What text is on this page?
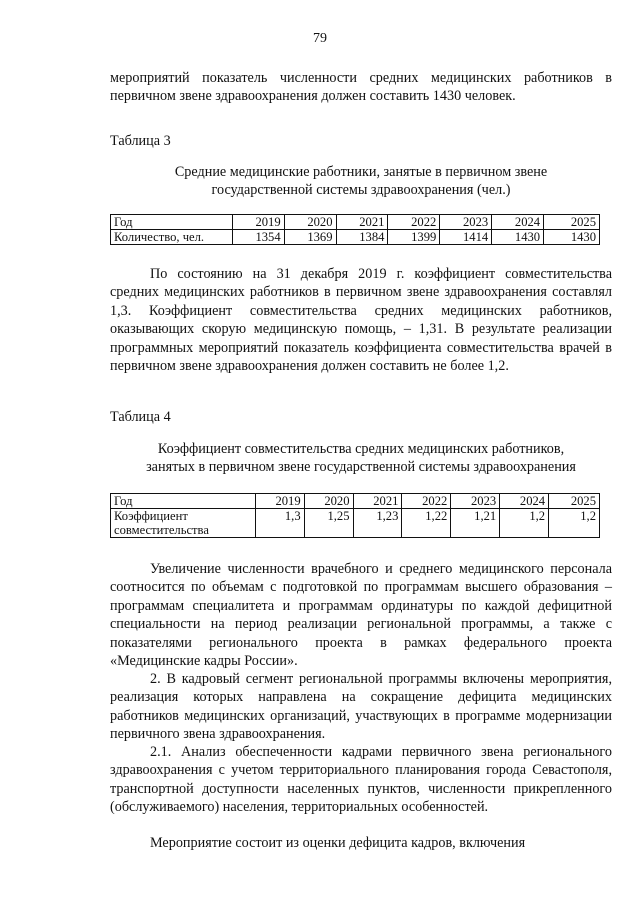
79

мероприятий показатель численности средних медицинских работников в первичном звене здравоохранения должен составить 1430 человек.

Таблица 3
Средние медицинские работники, занятые в первичном звене
государственной системы здравоохранения (чел.)
Год	2019	2020	2021	2022	2023	2024	2025
Количество, чел.	1354	1369	1384	1399	1414	1430	1430

По состоянию на 31 декабря 2019 г. коэффициент совместительства средних медицинских работников в первичном звене здравоохранения составлял 1,3. Коэффициент совместительства средних медицинских работников, оказывающих скорую медицинскую помощь, – 1,31. В результате реализации программных мероприятий показатель коэффициента совместительства врачей в первичном звене здравоохранения должен составить не более 1,2.

Таблица 4
Коэффициент совместительства средних медицинских работников,
занятых в первичном звене государственной системы здравоохранения
Год	2019	2020	2021	2022	2023	2024	2025

Коэффициент
совместительства	1,3	1,25	1,23	1,22	1,21	1,2	1,2

Увеличение численности врачебного и среднего медицинского персонала соотносится по объемам с подготовкой по программам высшего образования – программам специалитета и программам ординатуры по каждой дефицитной специальности на период реализации региональной программы, а также с показателями регионального проекта в рамках федерального проекта «Медицинские кадры России».

2. В кадровый сегмент региональной программы включены мероприятия, реализация которых направлена на сокращение дефицита медицинских работников медицинских организаций, участвующих в программе модернизации первичного звена здравоохранения.

2.1. Анализ обеспеченности кадрами первичного звена регионального здравоохранения с учетом территориального планирования города Севастополя, транспортной доступности населенных пунктов, численности прикрепленного (обслуживаемого) населения, территориальных особенностей.

Мероприятие состоит из оценки дефицита кадров, включения
